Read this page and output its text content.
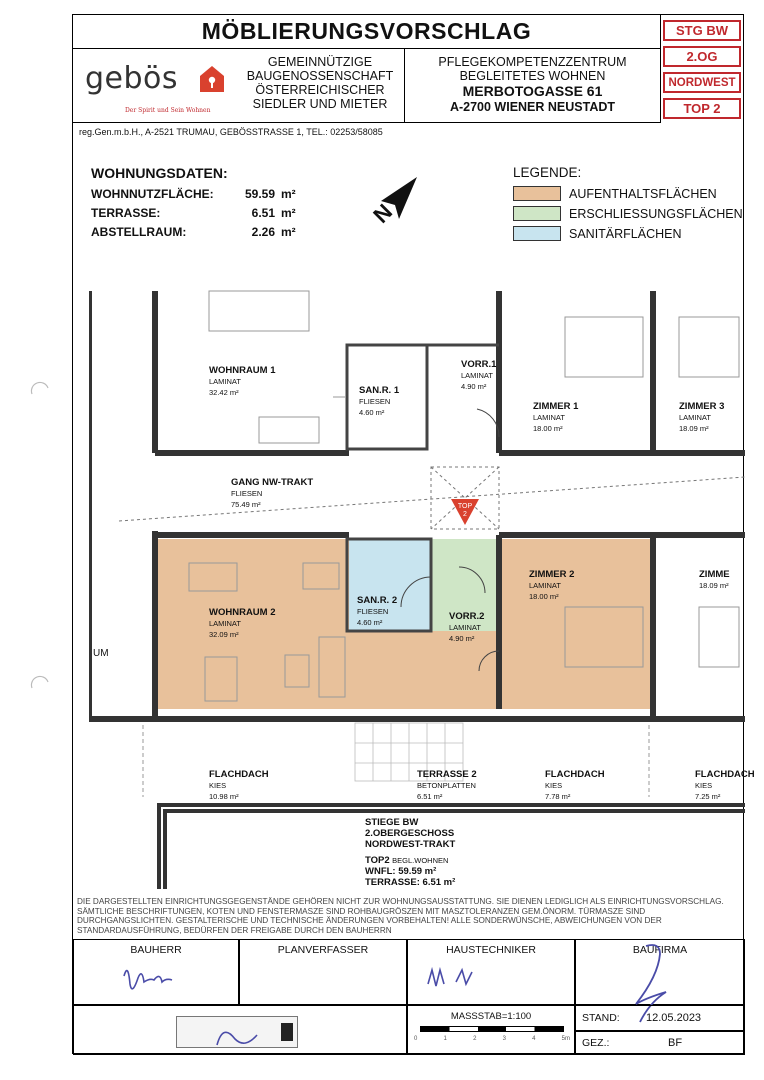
MÖBLIERUNGSVORSCHLAG	STG BW
2.OG
NORDWEST
TOP 2
gebös
Der Spirit und Sein Wohnen
GEMEINNÜTZIGE
BAUGENOSSENSCHAFT
ÖSTERREICHISCHER
SIEDLER UND MIETER
reg.Gen.m.b.H., A-2521 TRUMAU, GEBÖSSTRASSE 1, TEL.: 02253/58085
PFLEGEKOMPETENZZENTRUM
BEGLEITETES WOHNEN
MERBOTOGASSE 61
A-2700 WIENER NEUSTADT
WOHNUNGSDATEN:
WOHNNUTZFLÄCHE:	59.59 m²
TERRASSE:	6.51 m²
ABSTELLRAUM:	2.26 m²
N
LEGENDE:
AUFENTHALTSFLÄCHEN
ERSCHLIESSUNGSFLÄCHEN
SANITÄRFLÄCHEN
WOHNRAUM 1
LAMINAT
32.42 m²	SAN.R. 1
FLIESEN
4.60 m²
VORR.1
LAMINAT
4.90 m²
ZIMMER 1
LAMINAT
18.00 m²
ZIMMER 3
LAMINAT
18.09 m²
GANG NW-TRAKT
FLIESEN
75.49 m²	TOP
2
WOHNRAUM 2
LAMINAT
32.09 m²
SAN.R. 2
FLIESEN
4.60 m²
VORR.2
LAMINAT
4.90 m²
ZIMMER 2
LAMINAT
18.00 m²
ZIMME
18.09 m²
UM
FLACHDACH
KIES
10.98 m²
TERRASSE 2
BETONPLATTEN
6.51 m²
FLACHDACH
KIES
7.78 m²
FLACHDACH
KIES
7.25 m²
STIEGE BW
2.OBERGESCHOSS
NORDWEST-TRAKT
TOP2 BEGL.WOHNEN
WNFL: 59.59 m²
TERRASSE: 6.51 m²
DIE DARGESTELLTEN EINRICHTUNGSGEGENSTÄNDE GEHÖREN NICHT ZUR WOHNUNGSAUSSTATTUNG. SIE DIENEN LEDIGLICH ALS EINRICHTUNGSVORSCHLAG. SÄMTLICHE BESCHRIFTUNGEN, KOTEN UND FENSTERMASZE SIND ROHBAUGRÖSZEN MIT MASZTOLERANZEN GEM.ÖNORM. TÜRMASZE SIND DURCHGANGSLICHTEN. GESTALTERISCHE UND TECHNISCHE ÄNDERUNGEN VORBEHALTEN! ALLE SONDERWÜNSCHE, ABWEICHUNGEN VON DER STANDARDAUSFÜHRUNG, BEDÜRFEN DER FREIGABE DURCH DEN BAUHERRN
BAUHERR	PLANVERFASSER	HAUSTECHNIKER	BAUFIRMA
MASSSTAB=1:100
0	1	2	3	4	5m
STAND: 12.05.2023
GEZ.:	BF
